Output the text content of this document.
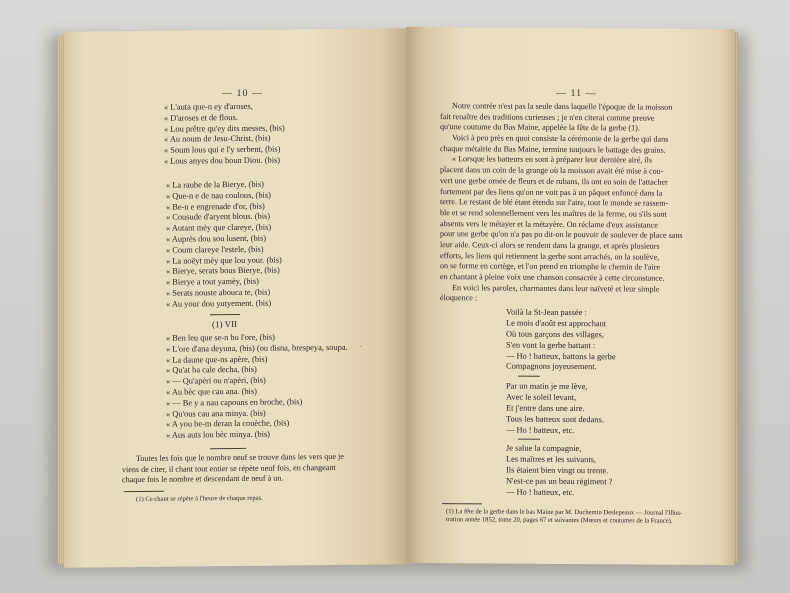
— 10 —
« L'auta que-n ey d'aroses,
« D'aroses et de flous.
« Lou prêtre qu'ey dits messes, (bis)
« Au noum de Jesu-Christ, (bis)
« Soum lous qui e l'y serbent, (bis)
« Lous anyes dou boun Diou. (bis)
« La raube de la Bierye, (bis)
« Que-n e de nau coulous, (bis)
« Be-n e engrenade d'or, (bis)
« Cousude d'aryent blous. (bis)
« Autant mèy que clareye, (bis)
« Auprès dou sou lusent, (bis)
« Coum clareye l'estele, (bis)
« La noëyt mèy que lou your. (bis)
« Bierye, serats bous Bierye, (bis)
« Bierye a tout yamèy, (bis)
« Serats nouste abouca te, (bis)
« Au your dou yutyement. (bis)
(1) VII
« Ben leu que se-n bu l'ore, (bis)
« L'ore d'ana deyuna, (bis) (ou disna, brespeya, soupa.
« La daune que-ns apère, (bis)
« Qu'at ba cale decha, (bis)
« — Qu'apèri ou n'apèri, (bis)
« Au bèc que cau ana. (bis)
« — Be y a nau capouns en broche, (bis)
« Qu'ous cau ana minya. (bis)
« A you be-m deran la couèche, (bis)
« Aus auts lou bèc minya. (bis)
.
Toutes les fois que le nombre neuf se trouve dans les vers que je
viens de citer, il chant tout entier se répète neuf fois, en changeant
chaque fois le nombre et descendant de neuf à un.
(1) Ce chant se répète à l'heure de chaque repas.
— 11 —
Notre contrée n'est pas la seule dans laquelle l'époque de la moisson
fait renaître des traditions curieuses ; je n'en citerai comme preuve
qu'une coutume du Bas Maine, appelée la fête de la gerbe (1).
Voici à peu près en quoi consiste la cérémonie de la gerbe qui dans
chaque métairie du Bas Maine, termine toujours le battage des grains.
« Lorsque les batteurs en sont à préparer leur dernière airé, ils
placent dans un coin de la grange où la moisson avait été mise à cou-
vert une gerbe ornée de fleurs et de rubans, ils ont eu soin de l'attacher
fortement par des liens qu'on ne voit pas à un pâquet enfoncé dans la
terre. Le restant de blé étant étendu sur l'aire, tout le monde se rassem-
ble et se rend solennellement vers les maîtres de la ferme, ou s'ils sont
absents vers le métayer et la métayère. On réclame d'eux assistance
pour une gerbe qu'on n'a pas pu dit-on le pouvoir de soulever de place sans
leur aide. Ceux-ci alors se rendent dans la grange, et après plusieurs
efforts, les liens qui retiennent la gerbe sont arrachés, on la soulève,
on se forme en cortège, et l'on prend en triomphe le chemin de l'aire
en chantant à pleine voix une chanson consacrée à cette circonstance.
En voici les paroles, charmantes dans leur naïveté et leur simple
éloquence :
Voilà la St-Jean passée :
Le mois d'août est approchant
Où tous garçons des villages,
S'en vont la gerbe battant :
— Ho ! batteux, battons la gerbe
Compagnons joyeusement.
Par un matin je me lève,
Avec le soleil levant,
Et j'entre dans une aire.
Tous les batteux sont dedans.
— Ho ! batteux, etc.
Je salue la compagnie,
Les maîtres et les suivants,
Ils étaient bien vingt ou trente.
N'est-ce pas un beau régiment ?
— Ho ! batteux, etc.
(1) La fête de la gerbe dans le bas Maine par M. Duchemin Deslepeaux — Journal l'Illus-
tration année 1852, tome 20, pages 67 et suivantes (Mœurs et coutumes de la France).
